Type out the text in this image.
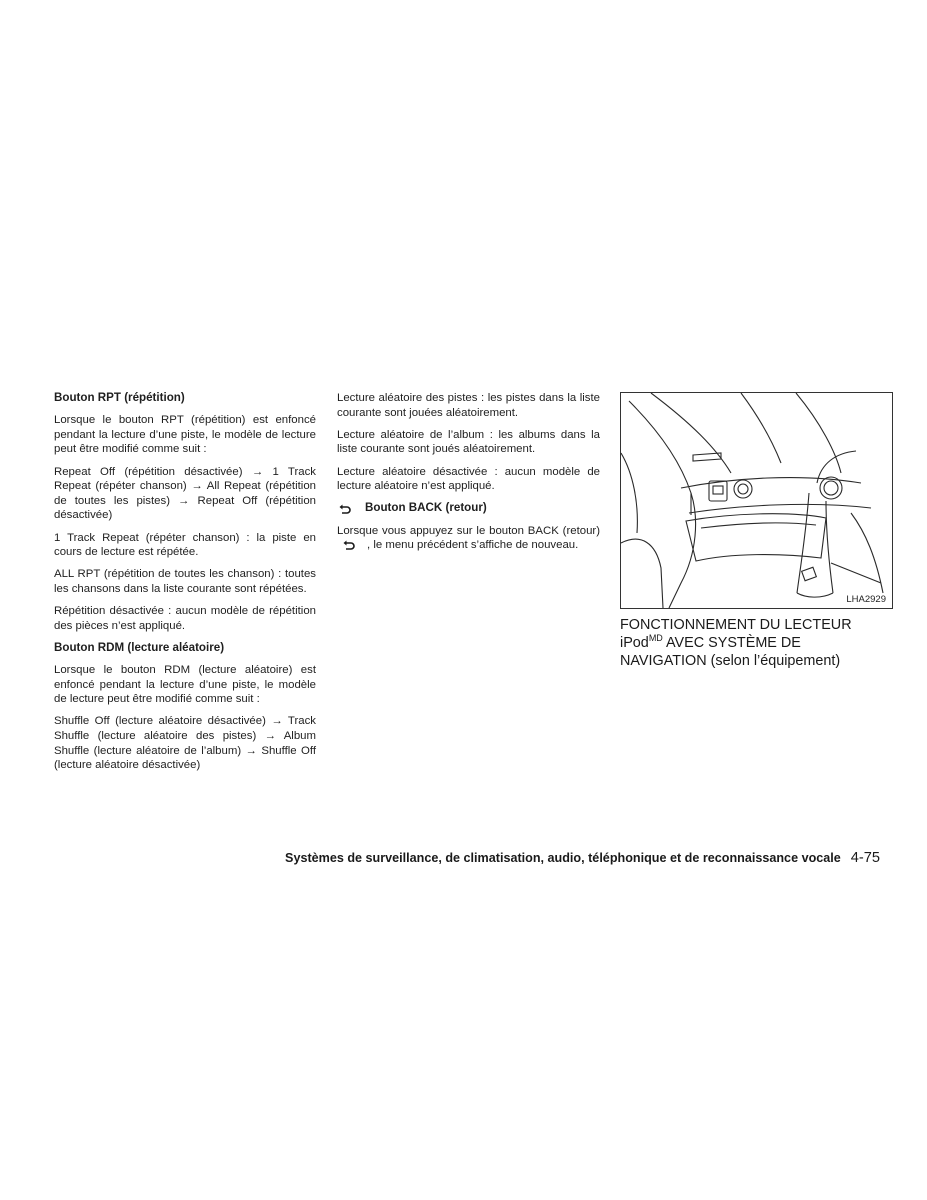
Bouton RPT (répétition)

Lorsque le bouton RPT (répétition) est enfoncé pendant la lecture d’une piste, le modèle de lecture peut être modifié comme suit :

Repeat Off (répétition désactivée) → 1 Track Repeat (répéter chanson) → All Repeat (répétition de toutes les pistes) → Repeat Off (répétition désactivée)

1 Track Repeat (répéter chanson) : la piste en cours de lecture est répétée.

ALL RPT (répétition de toutes les chanson) : toutes les chansons dans la liste courante sont répétées.

Répétition désactivée : aucun modèle de répétition des pièces n’est appliqué.

Bouton RDM (lecture aléatoire)

Lorsque le bouton RDM (lecture aléatoire) est enfoncé pendant la lecture d’une piste, le modèle de lecture peut être modifié comme suit :

Shuffle Off (lecture aléatoire désactivée) → Track Shuffle (lecture aléatoire des pistes) → Album Shuffle (lecture aléatoire de l’album) → Shuffle Off (lecture aléatoire désactivée)

Lecture aléatoire des pistes : les pistes dans la liste courante sont jouées aléatoirement.

Lecture aléatoire de l’album : les albums dans la liste courante sont joués aléatoirement.

Lecture aléatoire désactivée : aucun modèle de lecture aléatoire n’est appliqué.

Bouton BACK (retour)

Lorsque vous appuyez sur le bouton BACK (retour)
, le menu précédent s’affiche de nouveau.

LHA2929
FONCTIONNEMENT DU LECTEUR
iPod$^{MD}$ AVEC SYSTÈME DE
NAVIGATION (selon l’équipement)
Systèmes de surveillance, de climatisation, audio, téléphonique et de reconnaissance vocale 4-75
